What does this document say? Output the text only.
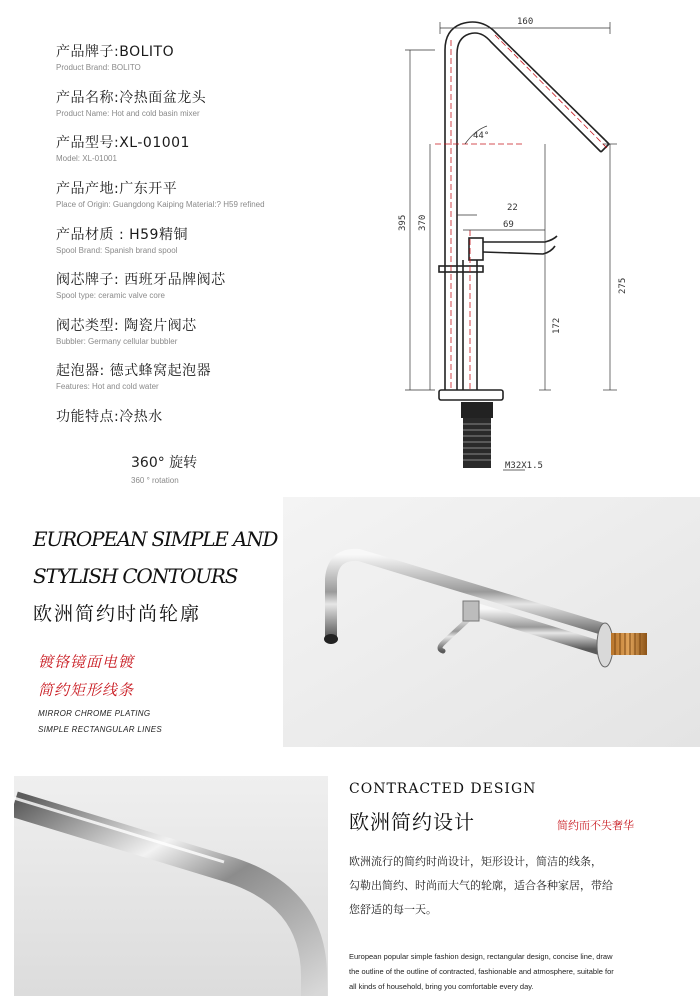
产品牌子:BOLITO
Product Brand: BOLITO
产品名称:冷热面盆龙头
Product Name: Hot and cold basin mixer
产品型号:XL-01001
Model: XL-01001
产品产地:广东开平
Place of Origin: Guangdong Kaiping Material:? H59 refined
产品材质 : H59精铜
Spool Brand: Spanish brand spool
阀芯牌子: 西班牙品牌阀芯
Spool type: ceramic valve core
阀芯类型: 陶瓷片阀芯
Bubbler: Germany cellular bubbler
起泡器: 德式蜂窝起泡器
Features: Hot and cold water
功能特点:冷热水
360° 旋转
360 ° rotation
160
44°
395 370
22
69
275
172
M32X1.5
EUROPEAN SIMPLE AND
STYLISH CONTOURS
欧洲简约时尚轮廓
镀铬镜面电镀
简约矩形线条
MIRROR CHROME PLATING
SIMPLE RECTANGULAR LINES
CONTRACTED DESIGN
欧洲简约设计	简约而不失奢华
欧洲流行的简约时尚设计，矩形设计，简洁的线条，
勾勒出简约、时尚而大气的轮廓，适合各种家居，带给
您舒适的每一天。
European popular simple fashion design, rectangular design, concise line, draw
the outline of the outline of contracted, fashionable and atmosphere, suitable for
all kinds of household, bring you comfortable every day.
